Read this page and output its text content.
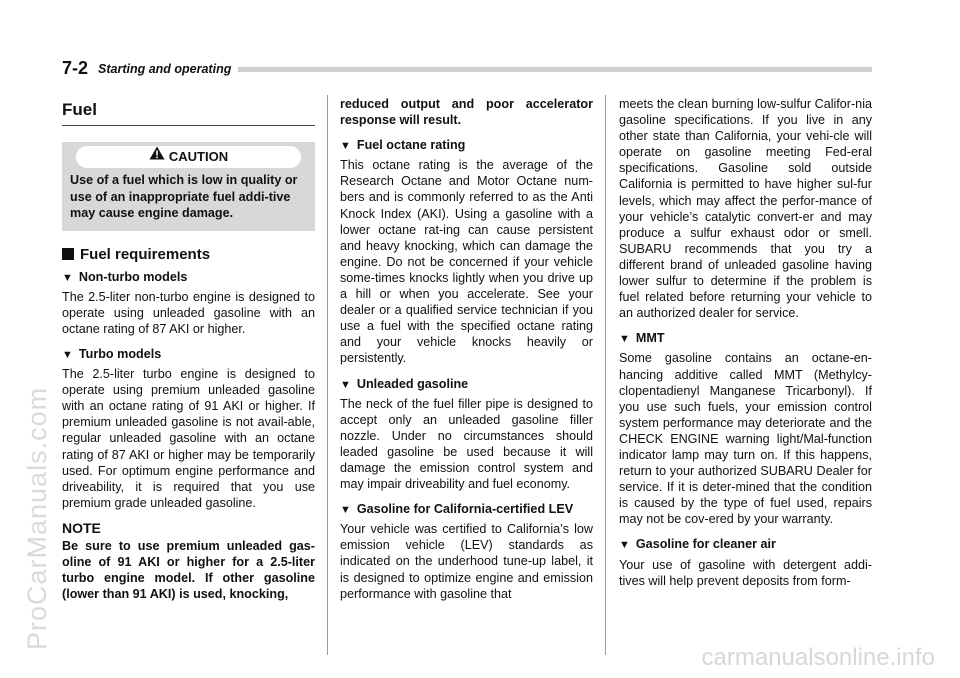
7-2 Starting and operating
Fuel
CAUTION
Use of a fuel which is low in quality or use of an inappropriate fuel addi-tive may cause engine damage.
Fuel requirements
▼ Non-turbo models

The 2.5-liter non-turbo engine is designed to operate using unleaded gasoline with an octane rating of 87 AKI or higher.

▼ Turbo models

The 2.5-liter turbo engine is designed to operate using premium unleaded gasoline with an octane rating of 91 AKI or higher. If premium unleaded gasoline is not avail-able, regular unleaded gasoline with an octane rating of 87 AKI or higher may be temporarily used. For optimum engine performance and driveability, it is required that you use premium grade unleaded gasoline.

NOTE

Be sure to use premium unleaded gas-oline of 91 AKI or higher for a 2.5-liter turbo engine model. If other gasoline (lower than 91 AKI) is used, knocking,

reduced output and poor accelerator response will result.

▼ Fuel octane rating

This octane rating is the average of the Research Octane and Motor Octane num-bers and is commonly referred to as the Anti Knock Index (AKI). Using a gasoline with a lower octane rat-ing can cause persistent and heavy knocking, which can damage the engine. Do not be concerned if your vehicle some-times knocks lightly when you drive up a hill or when you accelerate. See your dealer or a qualified service technician if you use a fuel with the specified octane rating and your vehicle knocks heavily or persistently.

▼ Unleaded gasoline

The neck of the fuel filler pipe is designed to accept only an unleaded gasoline filler nozzle. Under no circumstances should leaded gasoline be used because it will damage the emission control system and may impair driveability and fuel economy.

▼ Gasoline for California-certified LEV

Your vehicle was certified to California’s low emission vehicle (LEV) standards as indicated on the underhood tune-up label, it is designed to optimize engine and emission performance with gasoline that

meets the clean burning low-sulfur Califor-nia gasoline specifications. If you live in any other state than California, your vehi-cle will operate on gasoline meeting Fed-eral specifications. Gasoline sold outside California is permitted to have higher sul-fur levels, which may affect the perfor-mance of your vehicle’s catalytic convert-er and may produce a sulfur exhaust odor or smell. SUBARU recommends that you try a different brand of unleaded gasoline having lower sulfur to determine if the problem is fuel related before returning your vehicle to an authorized dealer for service.

▼ MMT

Some gasoline contains an octane-en-hancing additive called MMT (Methylcy-clopentadienyl Manganese Tricarbonyl). If you use such fuels, your emission control system performance may deteriorate and the CHECK ENGINE warning light/Mal-function indicator lamp may turn on. If this happens, return to your authorized SUBARU Dealer for service. If it is deter-mined that the condition is caused by the type of fuel used, repairs may not be cov-ered by your warranty.

▼ Gasoline for cleaner air

Your use of gasoline with detergent addi-tives will help prevent deposits from form-

ProCarManuals.com
carmanualsonline.info
